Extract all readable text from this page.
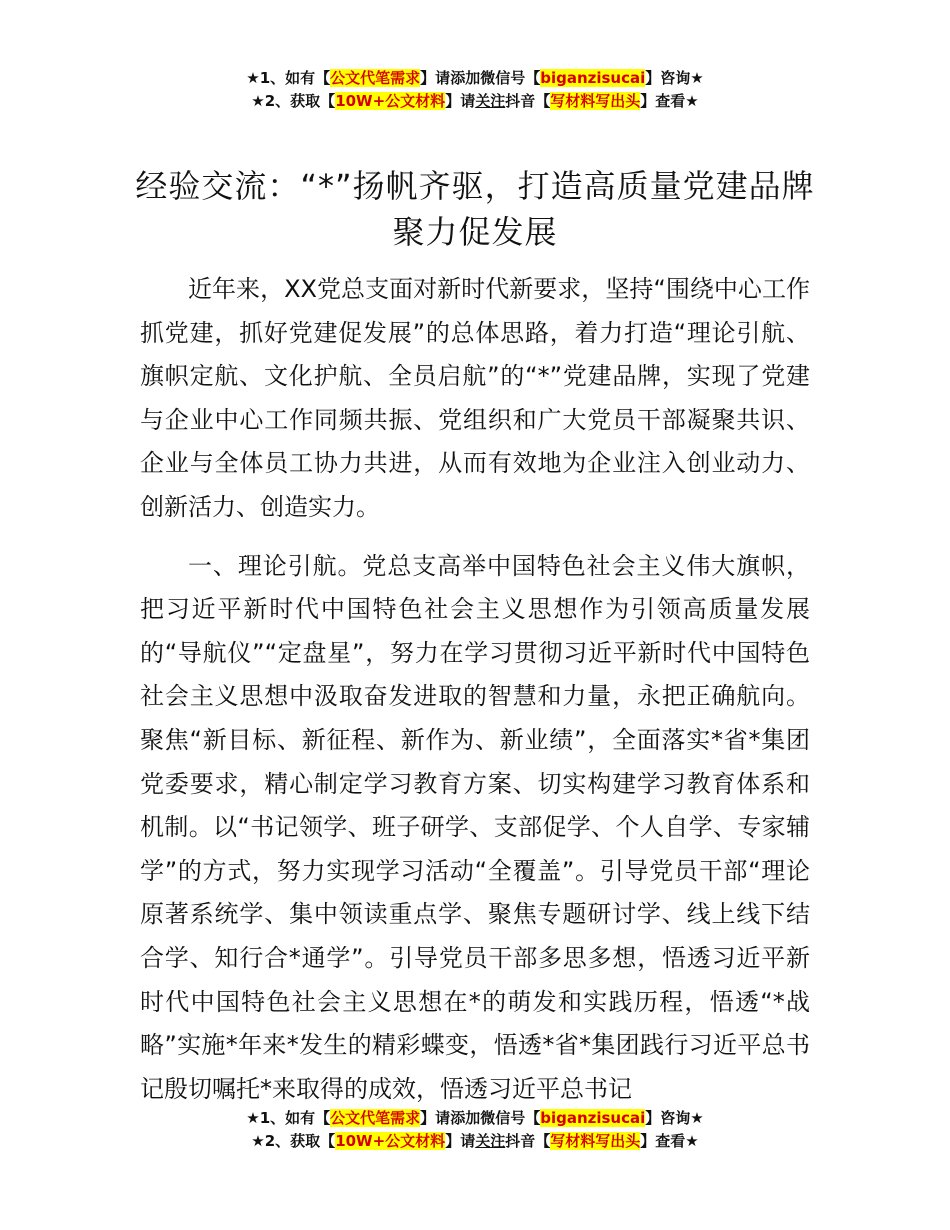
★1、如有【公文代笔需求】请添加微信号【biganzisucai】咨询★
★2、获取【10W+公文材料】请关注抖音【写材料写出头】查看★
经验交流：“*”扬帆齐驱，打造高质量党建品牌聚力促发展

近年来，XX党总支面对新时代新要求，坚持“围绕中心工作抓党建，抓好党建促发展”的总体思路，着力打造“理论引航、旗帜定航、文化护航、全员启航”的“*”党建品牌，实现了党建与企业中心工作同频共振、党组织和广大党员干部凝聚共识、企业与全体员工协力共进，从而有效地为企业注入创业动力、创新活力、创造实力。

一、理论引航。党总支高举中国特色社会主义伟大旗帜，把习近平新时代中国特色社会主义思想作为引领高质量发展的“导航仪”“定盘星”，努力在学习贯彻习近平新时代中国特色社会主义思想中汲取奋发进取的智慧和力量，永把正确航向。聚焦“新目标、新征程、新作为、新业绩”，全面落实*省*集团党委要求，精心制定学习教育方案、切实构建学习教育体系和机制。以“书记领学、班子研学、支部促学、个人自学、专家辅学”的方式，努力实现学习活动“全覆盖”。引导党员干部“理论原著系统学、集中领读重点学、聚焦专题研讨学、线上线下结合学、知行合*通学”。引导党员干部多思多想，悟透习近平新时代中国特色社会主义思想在*的萌发和实践历程，悟透“*战略”实施*年来*发生的精彩蝶变，悟透*省*集团践行习近平总书记殷切嘱托*来取得的成效，悟透习近平总书记

★1、如有【公文代笔需求】请添加微信号【biganzisucai】咨询★
★2、获取【10W+公文材料】请关注抖音【写材料写出头】查看★
